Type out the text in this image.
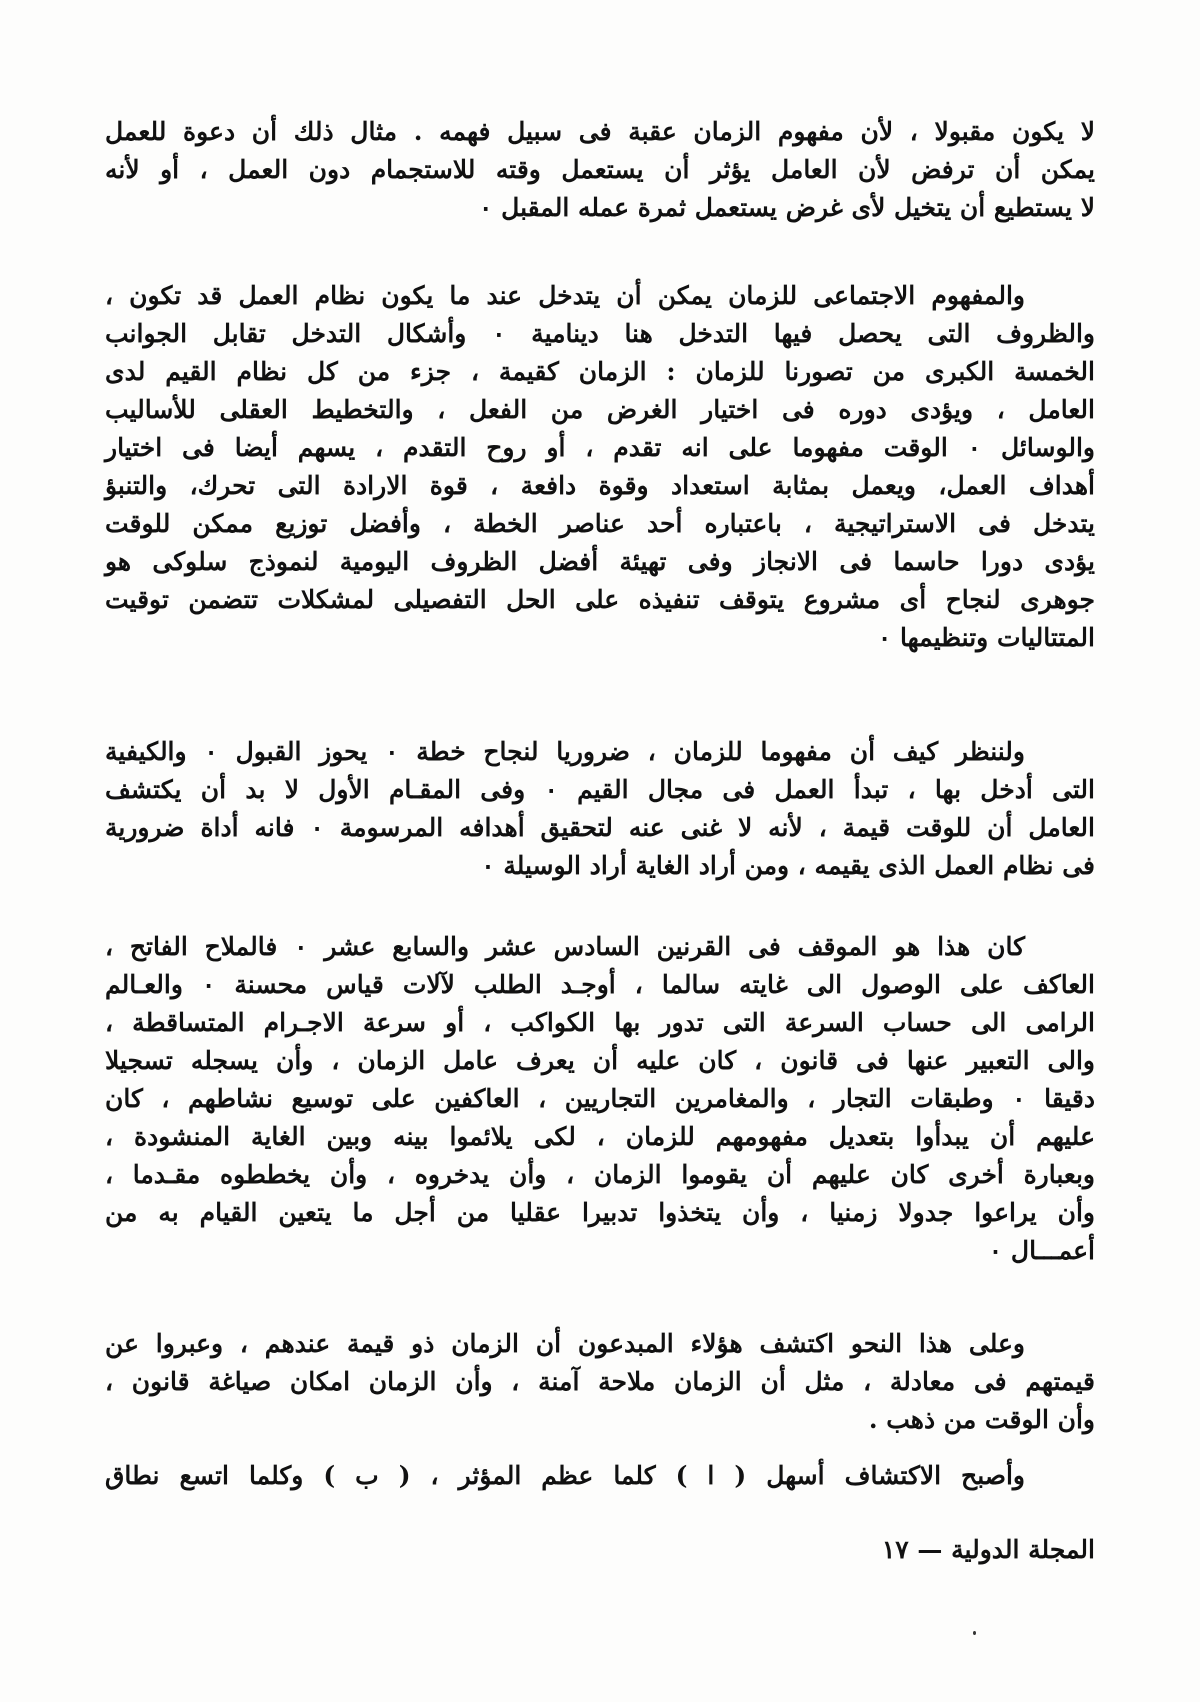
لا يكون مقبولا ، لأن مفهوم الزمان عقبة فى سبيل فهمه . مثال ذلك أن دعوة للعمل
يمكن أن ترفض لأن العامل يؤثر أن يستعمل وقته للاستجمام دون العمل ، أو لأنه
لا يستطيع أن يتخيل لأى غرض يستعمل ثمرة عمله المقبل ٠
والمفهوم الاجتماعى للزمان يمكن أن يتدخل عند ما يكون نظام العمل قد تكون ،
والظروف التى يحصل فيها التدخل هنا دينامية ٠ وأشكال التدخل تقابل الجوانب
الخمسة الكبرى من تصورنا للزمان : الزمان كقيمة ، جزء من كل نظام القيم لدى
العامل ، ويؤدى دوره فى اختيار الغرض من الفعل ، والتخطيط العقلى للأساليب
والوسائل ٠ الوقت مفهوما على انه تقدم ، أو روح التقدم ، يسهم أيضا فى اختيار
أهداف العمل، ويعمل بمثابة استعداد وقوة دافعة ، قوة الارادة التى تحرك، والتنبؤ
يتدخل فى الاستراتيجية ، باعتباره أحد عناصر الخطة ، وأفضل توزيع ممكن للوقت
يؤدى دورا حاسما فى الانجاز وفى تهيئة أفضل الظروف اليومية لنموذج سلوكى هو
جوهرى لنجاح أى مشروع يتوقف تنفيذه على الحل التفصيلى لمشكلات تتضمن توقيت
المتتاليات وتنظيمها ٠
ولننظر كيف أن مفهوما للزمان ، ضروريا لنجاح خطة ٠ يحوز القبول ٠ والكيفية
التى أدخل بها ، تبدأ العمل فى مجال القيم ٠ وفى المقـام الأول لا بد أن يكتشف
العامل أن للوقت قيمة ، لأنه لا غنى عنه لتحقيق أهدافه المرسومة ٠ فانه أداة ضرورية
فى نظام العمل الذى يقيمه ، ومن أراد الغاية أراد الوسيلة ٠
كان هذا هو الموقف فى القرنين السادس عشر والسابع عشر ٠ فالملاح الفاتح ،
العاكف على الوصول الى غايته سالما ، أوجـد الطلب لآلات قياس محسنة ٠ والعـالم
الرامى الى حساب السرعة التى تدور بها الكواكب ، أو سرعة الاجـرام المتساقطة ،
والى التعبير عنها فى قانون ، كان عليه أن يعرف عامل الزمان ، وأن يسجله تسجيلا
دقيقا ٠ وطبقات التجار ، والمغامرين التجاريين ، العاكفين على توسيع نشاطهم ، كان
عليهم أن يبدأوا بتعديل مفهومهم للزمان ، لكى يلائموا بينه وبين الغاية المنشودة ،
وبعبارة أخرى كان عليهم أن يقوموا الزمان ، وأن يدخروه ، وأن يخططوه مقـدما ،
وأن يراعوا جدولا زمنيا ، وأن يتخذوا تدبيرا عقليا من أجل ما يتعين القيام به من
أعمـــال ٠
وعلى هذا النحو اكتشف هؤلاء المبدعون أن الزمان ذو قيمة عندهم ، وعبروا عن
قيمتهم فى معادلة ، مثل أن الزمان ملاحة آمنة ، وأن الزمان امكان صياغة قانون ،
وأن الوقت من ذهب .
وأصبح الاكتشاف أسهل ( ا ) كلما عظم المؤثر ، ( ب ) وكلما اتسع نطاق
المجلة الدولية — ١٧
